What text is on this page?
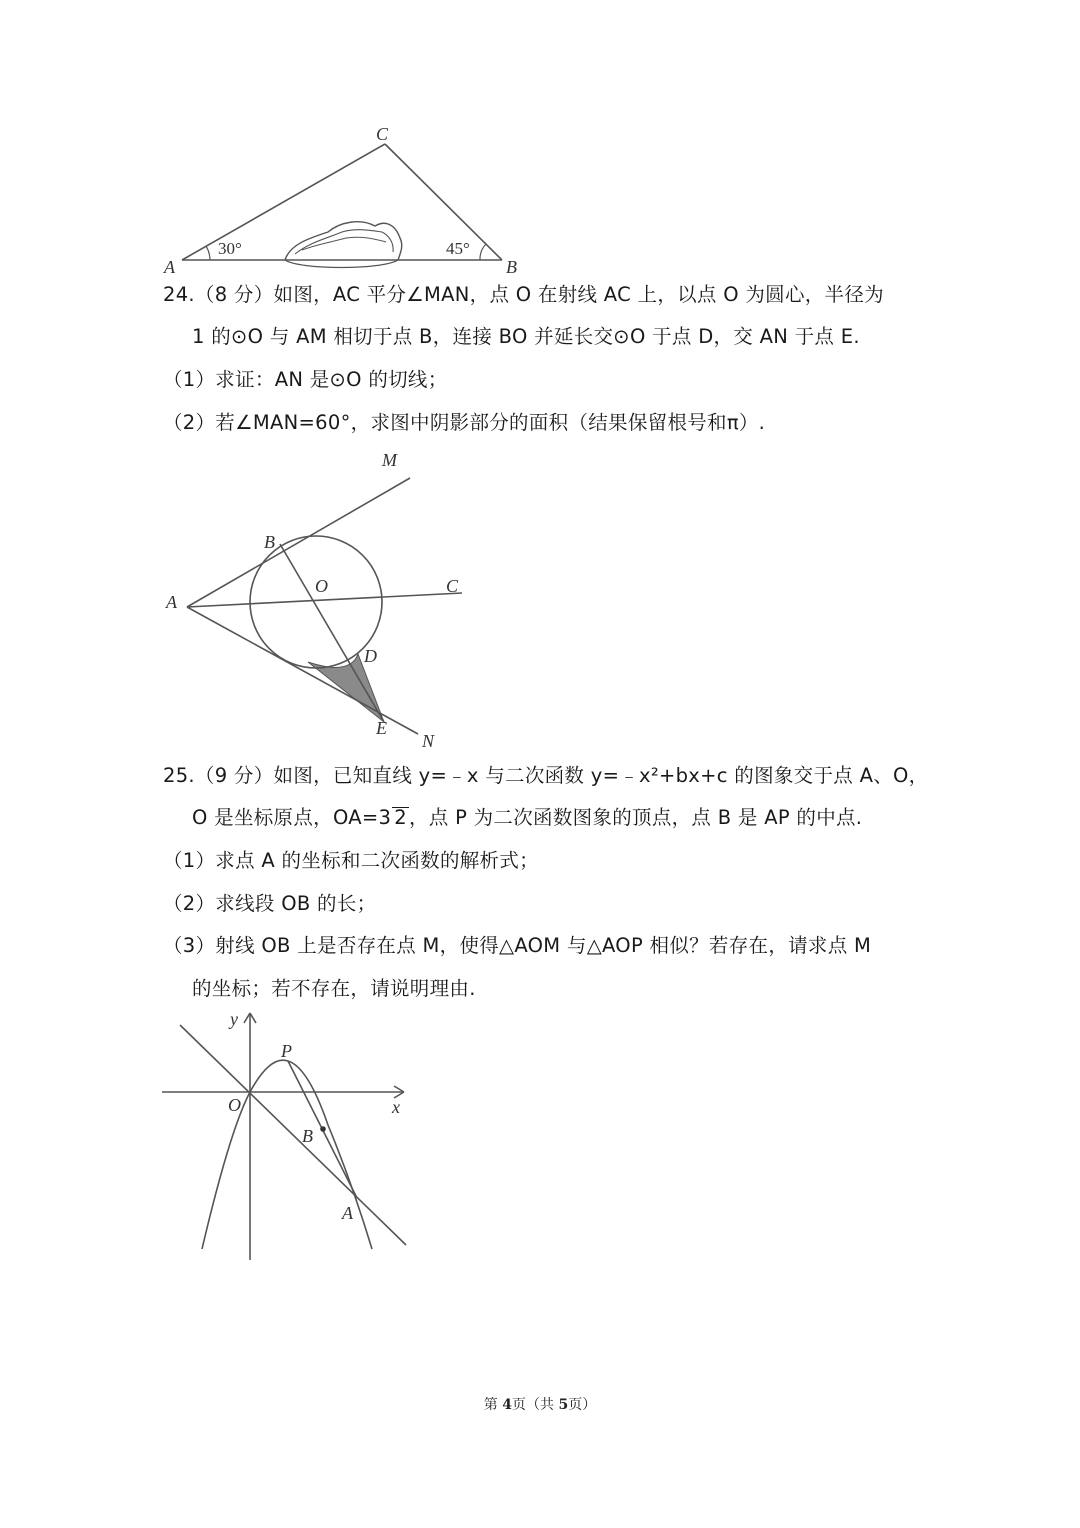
A	B
C
30°	45°
24.（8 分）如图，AC 平分∠MAN，点 O 在射线 AC 上，以点 O 为圆心，半径为
1 的⊙O 与 AM 相切于点 B，连接 BO 并延长交⊙O 于点 D，交 AN 于点 E.
（1）求证：AN 是⊙O 的切线；
（2）若∠MAN=60°，求图中阴影部分的面积（结果保留根号和π）.
M
B
O	C
A
D
E
N
25.（9 分）如图，已知直线 y=﹣x 与二次函数 y=﹣x²+bx+c 的图象交于点 A、O，
O 是坐标原点，OA=3 2 ，点 P 为二次函数图象的顶点，点 B 是 AP 的中点.
（1）求点 A 的坐标和二次函数的解析式；
（2）求线段 OB 的长；
（3）射线 OB 上是否存在点 M，使得△AOM 与△AOP 相似？若存在，请求点 M
的坐标；若不存在，请说明理由.
y
x
O
P
B
A
第 4页（共 5页）
